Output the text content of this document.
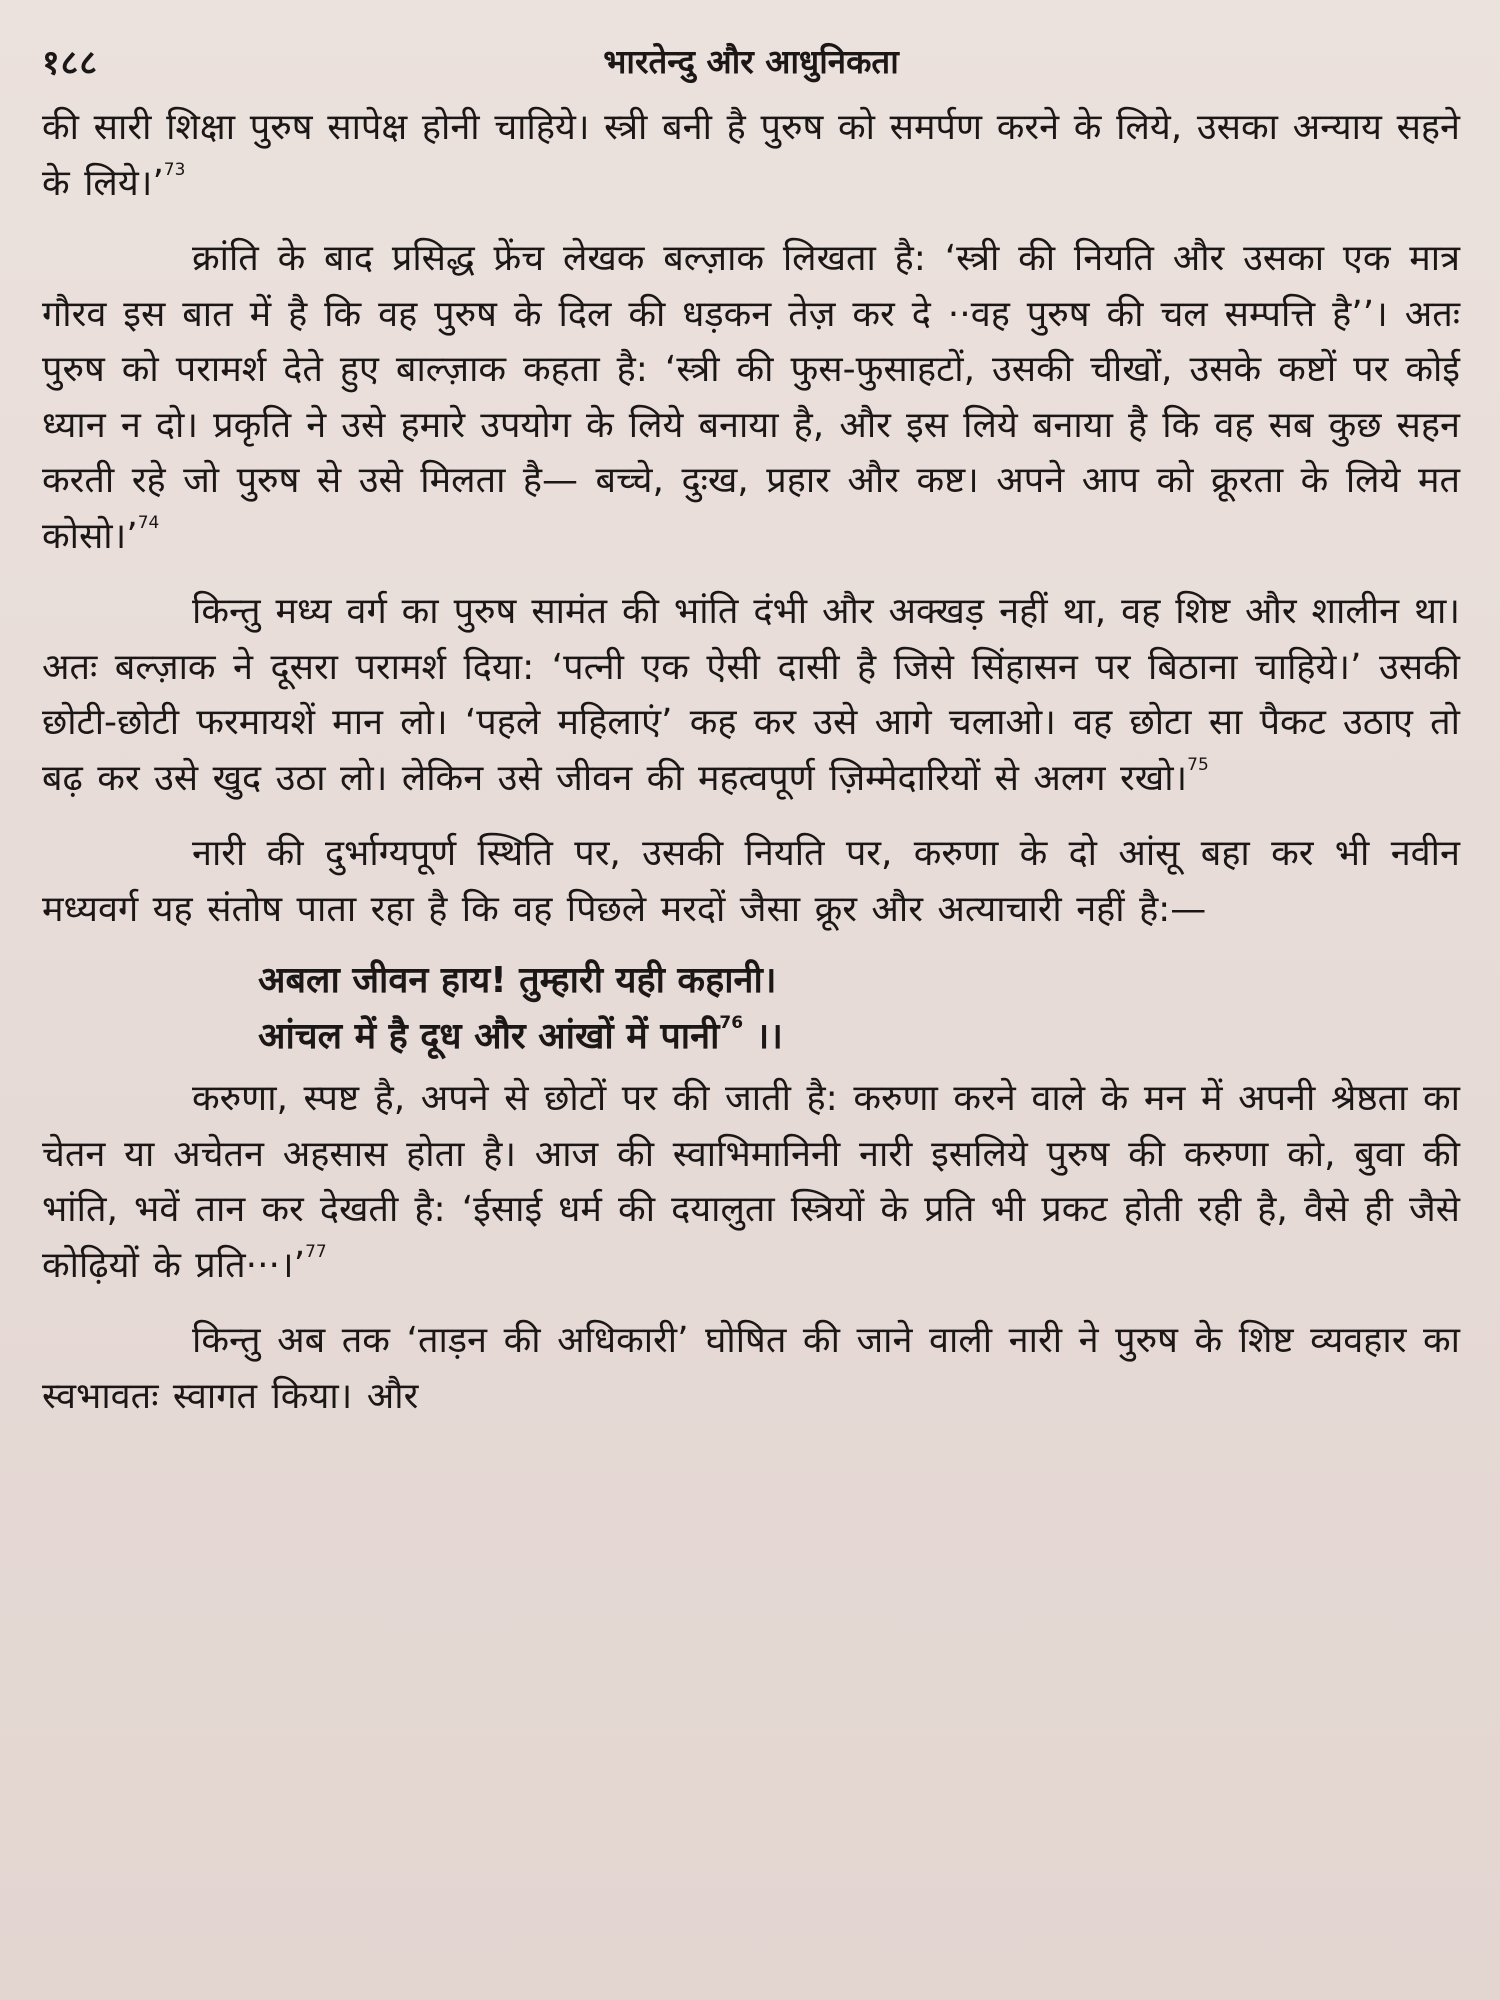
१८८	भारतेन्दु और आधुनिकता

की सारी शिक्षा पुरुष सापेक्ष होनी चाहिये। स्त्री बनी है पुरुष को समर्पण करने के लिये, उसका अन्याय सहने के लिये।’$^{73}$

क्रांति के बाद प्रसिद्ध फ्रेंच लेखक बल्ज़ाक लिखता है: ‘स्त्री की नियति और उसका एक मात्र गौरव इस बात में है कि वह पुरुष के दिल की धड़कन तेज़ कर दे ··वह पुरुष की चल सम्पत्ति है’’। अतः पुरुष को परामर्श देते हुए बाल्ज़ाक कहता है: ‘स्त्री की फुस-फुसाहटों, उसकी चीखों, उसके कष्टों पर कोई ध्यान न दो। प्रकृति ने उसे हमारे उपयोग के लिये बनाया है, और इस लिये बनाया है कि वह सब कुछ सहन करती रहे जो पुरुष से उसे मिलता है— बच्चे, दुःख, प्रहार और कष्ट। अपने आप को क्रूरता के लिये मत कोसो।’$^{74}$

किन्तु मध्य वर्ग का पुरुष सामंत की भांति दंभी और अक्खड़ नहीं था, वह शिष्ट और शालीन था। अतः बल्ज़ाक ने दूसरा परामर्श दिया: ‘पत्नी एक ऐसी दासी है जिसे सिंहासन पर बिठाना चाहिये।’ उसकी छोटी-छोटी फरमायशें मान लो। ‘पहले महिलाएं’ कह कर उसे आगे चलाओ। वह छोटा सा पैकट उठाए तो बढ़ कर उसे खुद उठा लो। लेकिन उसे जीवन की महत्वपूर्ण ज़िम्मेदारियों से अलग रखो।$^{75}$

नारी की दुर्भाग्यपूर्ण स्थिति पर, उसकी नियति पर, करुणा के दो आंसू बहा कर भी नवीन मध्यवर्ग यह संतोष पाता रहा है कि वह पिछले मरदों जैसा क्रूर और अत्याचारी नहीं है:—

अबला जीवन हाय! तुम्हारी यही कहानी।
आंचल में है दूध और आंखों में पानी$^{76}$ ।।

करुणा, स्पष्ट है, अपने से छोटों पर की जाती है: करुणा करने वाले के मन में अपनी श्रेष्ठता का चेतन या अचेतन अहसास होता है। आज की स्वाभिमानिनी नारी इसलिये पुरुष की करुणा को, बुवा की भांति, भवें तान कर देखती है: ‘ईसाई धर्म की दयालुता स्त्रियों के प्रति भी प्रकट होती रही है, वैसे ही जैसे कोढ़ियों के प्रति···।’$^{77}$

किन्तु अब तक ‘ताड़न की अधिकारी’ घोषित की जाने वाली नारी ने पुरुष के शिष्ट व्यवहार का स्वभावतः स्वागत किया। और
